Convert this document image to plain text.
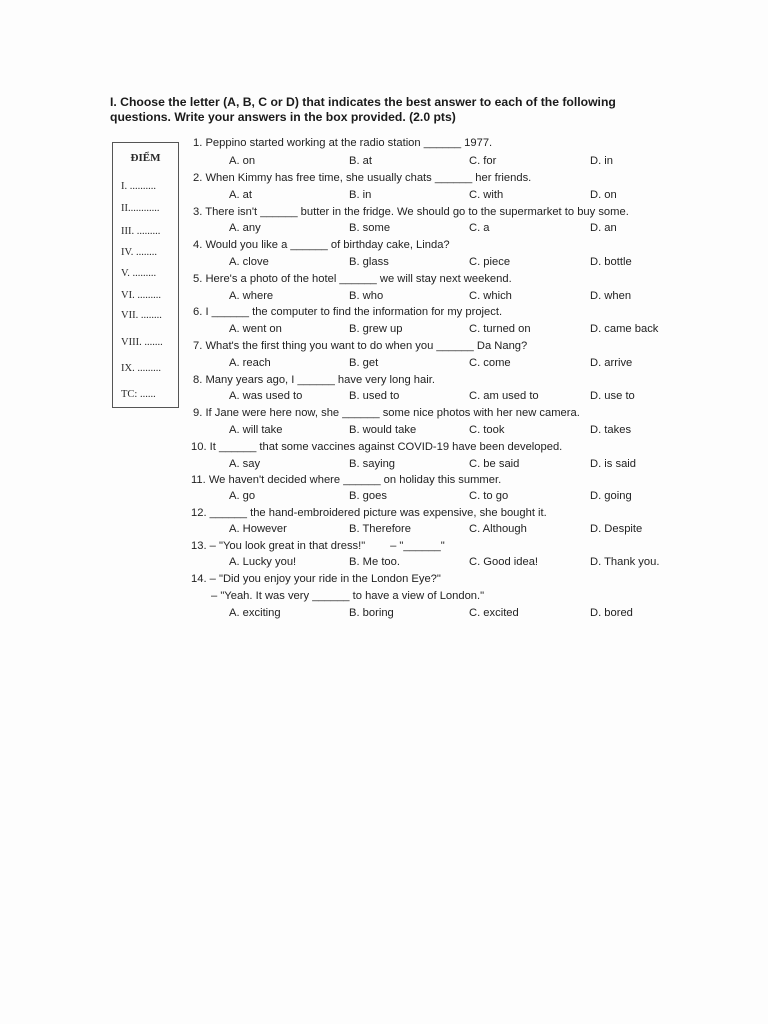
I. Choose the letter (A, B, C or D) that indicates the best answer to each of the following
questions. Write your answers in the box provided. (2.0 pts)
ĐIỂM
I. ..........
II............
III. .........
IV. ........
V. .........
VI. .........
VII. ........
VIII. .......
IX. .........
TC: ......
1. Peppino started working at the radio station ______ 1977.
A. on	B. at	C. for	D. in
2. When Kimmy has free time, she usually chats ______ her friends.
A. at	B. in	C. with	D. on
3. There isn't ______ butter in the fridge. We should go to the supermarket to buy some.
A. any	B. some	C. a	D. an
4. Would you like a ______ of birthday cake, Linda?
A. clove	B. glass	C. piece	D. bottle
5. Here's a photo of the hotel ______ we will stay next weekend.
A. where	B. who	C. which	D. when
6. I ______ the computer to find the information for my project.
A. went on	B. grew up	C. turned on	D. came back
7. What's the first thing you want to do when you ______ Da Nang?
A. reach	B. get	C. come	D. arrive
8. Many years ago, I ______ have very long hair.
A. was used to	B. used to	C. am used to	D. use to
9. If Jane were here now, she ______ some nice photos with her new camera.
A. will take	B. would take	C. took	D. takes
10. It ______ that some vaccines against COVID-19 have been developed.
A. say	B. saying	C. be said	D. is said
11. We haven't decided where ______ on holiday this summer.
A. go	B. goes	C. to go	D. going
12. ______ the hand-embroidered picture was expensive, she bought it.
A. However	B. Therefore	C. Although	D. Despite
13. – "You look great in that dress!"        – "______"
A. Lucky you!	B. Me too.	C. Good idea!	D. Thank you.
14. – "Did you enjoy your ride in the London Eye?"
– "Yeah. It was very ______ to have a view of London."
A. exciting	B. boring	C. excited	D. bored
